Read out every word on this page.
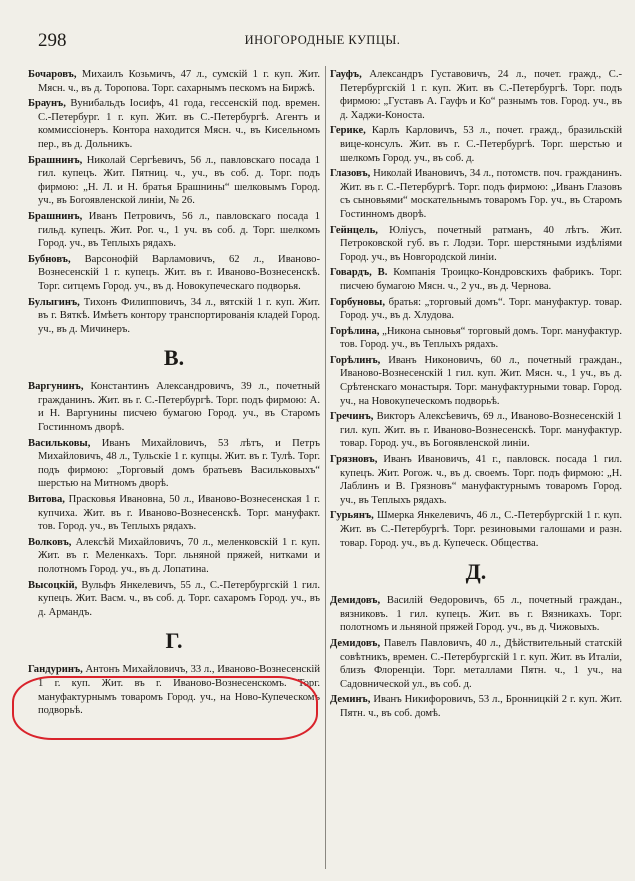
298	ИНОГОРОДНЫЕ КУПЦЫ.

Бочаровъ, Михаилъ Козьмичъ, 47 л., сумскій 1 г. куп. Жит. Мясн. ч., въ д. Торопова. Торг. сахарнымъ пескомъ на Биржѣ.

Браунъ, Вунибальдъ Іосифъ, 41 года, гессенскій под. времен. С.-Петербург. 1 г. куп. Жит. въ С.-Петербургѣ. Агентъ и коммиссіонеръ. Контора находится Мясн. ч., въ Кисельномъ пер., въ д. Дольникъ.

Брашнинъ, Николай Сергѣевичъ, 56 л., павловскаго посада 1 гил. купецъ. Жит. Пятниц. ч., уч., въ соб. д. Торг. подъ фирмою: „Н. Л. и Н. братья Брашнины“ шелковымъ Город. уч., въ Богоявленской линіи, № 26.

Брашнинъ, Иванъ Петровичъ, 56 л., павловскаго посада 1 гильд. купецъ. Жит. Рог. ч., 1 уч. въ соб. д. Торг. шелкомъ Город. уч., въ Теплыхъ рядахъ.

Бубновъ, Варсонофій Варламовичъ, 62 л., Иваново-Вознесенскій 1 г. купецъ. Жит. въ г. Иваново-Вознесенскѣ. Торг. ситцемъ Город. уч., въ д. Новокупеческаго подворья.

Булыгинъ, Тихонъ Филипповичъ, 34 л., вятскій 1 г. куп. Жит. въ г. Вяткѣ. Имѣетъ контору транспортированія кладей Город. уч., въ д. Мичинеръ.

В.

Варгунинъ, Константинъ Александровичъ, 39 л., почетный гражданинъ. Жит. въ г. С.-Петербургѣ. Торг. подъ фирмою: А. и Н. Варгунины писчею бумагою Город. уч., въ Старомъ Гостинномъ дворѣ.

Васильковы, Иванъ Михайловичъ, 53 лѣтъ, и Петръ Михайловичъ, 48 л., Тульскіе 1 г. купцы. Жит. въ г. Тулѣ. Торг. подъ фирмою: „Торговый домъ братьевъ Васильковыхъ“ шерстью на Митномъ дворѣ.

Витова, Прасковья Ивановна, 50 л., Иваново-Вознесенская 1 г. купчиха. Жит. въ г. Иваново-Вознесенскѣ. Торг. мануфакт. тов. Город. уч., въ Теплыхъ рядахъ.

Волковъ, Алексѣй Михайловичъ, 70 л., меленковскій 1 г. куп. Жит. въ г. Меленкахъ. Торг. льняной пряжей, нитками и полотномъ Город. уч., въ д. Лопатина.

Высоцкій, Вульфъ Янкелевичъ, 55 л., С.-Петербургскій 1 гил. купецъ. Жит. Васм. ч., въ соб. д. Торг. сахаромъ Город. уч., въ д. Армандъ.

Г.

Гандуринъ, Антонъ Михайловичъ, 33 л., Иваново-Вознесенскій 1 г. куп. Жит. въ г. Иваново-Вознесенскомъ. Торг. мануфактурнымъ товаромъ Город. уч., на Ново-Купеческомъ подворьѣ.

Гауфъ, Александръ Густавовичъ, 24 л., почет. гражд., С.-Петербургскій 1 г. куп. Жит. въ С.-Петербургѣ. Торг. подъ фирмою: „Густавъ А. Гауфъ и Ко“ разнымъ тов. Город. уч., въ д. Хаджи-Коноста.

Герике, Карлъ Карловичъ, 53 л., почет. гражд., бразильскій вице-консулъ. Жит. въ г. С.-Петербургѣ. Торг. шерстью и шелкомъ Город. уч., въ соб. д.

Глазовъ, Николай Ивановичъ, 34 л., потомств. поч. гражданинъ. Жит. въ г. С.-Петербургѣ. Торг. подъ фирмою: „Иванъ Глазовъ съ сыновьями“ москательнымъ товаромъ Гор. уч., въ Старомъ Гостинномъ дворѣ.

Гейнцель, Юліусъ, почетный ратманъ, 40 лѣтъ. Жит. Петроковской губ. въ г. Лодзи. Торг. шерстяными издѣліями Город. уч., въ Новгородской линіи.

Говардъ, В. Компанія Троицко-Кондровскихъ фабрикъ. Торг. писчею бумагою Мясн. ч., 2 уч., въ д. Чернова.

Горбуновы, братья: „торговый домъ“. Торг. мануфактур. товар. Город. уч., въ д. Хлудова.

Горѣлина, „Никона сыновья“ торговый домъ. Торг. мануфактур. тов. Город. уч., въ Теплыхъ рядахъ.

Горѣлинъ, Иванъ Никоновичъ, 60 л., почетный граждан., Иваново-Вознесенскій 1 гил. куп. Жит. Мясн. ч., 1 уч., въ д. Срѣтенскаго монастыря. Торг. мануфактурными товар. Город. уч., на Новокупеческомъ подворьѣ.

Гречинъ, Викторъ Алексѣевичъ, 69 л., Иваново-Вознесенскій 1 гил. куп. Жит. въ г. Иваново-Вознесенскѣ. Торг. мануфактур. товар. Город. уч., въ Богоявленской линіи.

Грязновъ, Иванъ Ивановичъ, 41 г., павловск. посада 1 гил. купецъ. Жит. Рогож. ч., въ д. своемъ. Торг. подъ фирмою: „Н. Лаблинъ и В. Грязновъ“ мануфактурнымъ товаромъ Город. уч., въ Теплыхъ рядахъ.

Гурьянъ, Шмерка Янкелевичъ, 46 л., С.-Петербургскій 1 г. куп. Жит. въ С.-Петербургѣ. Торг. резиновыми галошами и разн. товар. Город. уч., въ д. Купеческ. Общества.

Д.

Демидовъ, Василій Ѳедоровичъ, 65 л., почетный граждан., вязниковъ. 1 гил. купецъ. Жит. въ г. Вязникахъ. Торг. полотномъ и льняной пряжей Город. уч., въ д. Чижовыхъ.

Демидовъ, Павелъ Павловичъ, 40 л., Дѣйствительный статскій совѣтникъ, времен. С.-Петербургскій 1 г. куп. Жит. въ Италіи, близъ Флоренціи. Торг. металлами Пятн. ч., 1 уч., на Садовнической ул., въ соб. д.

Деминъ, Иванъ Никифоровичъ, 53 л., Бронницкій 2 г. куп. Жит. Пятн. ч., въ соб. домѣ.
